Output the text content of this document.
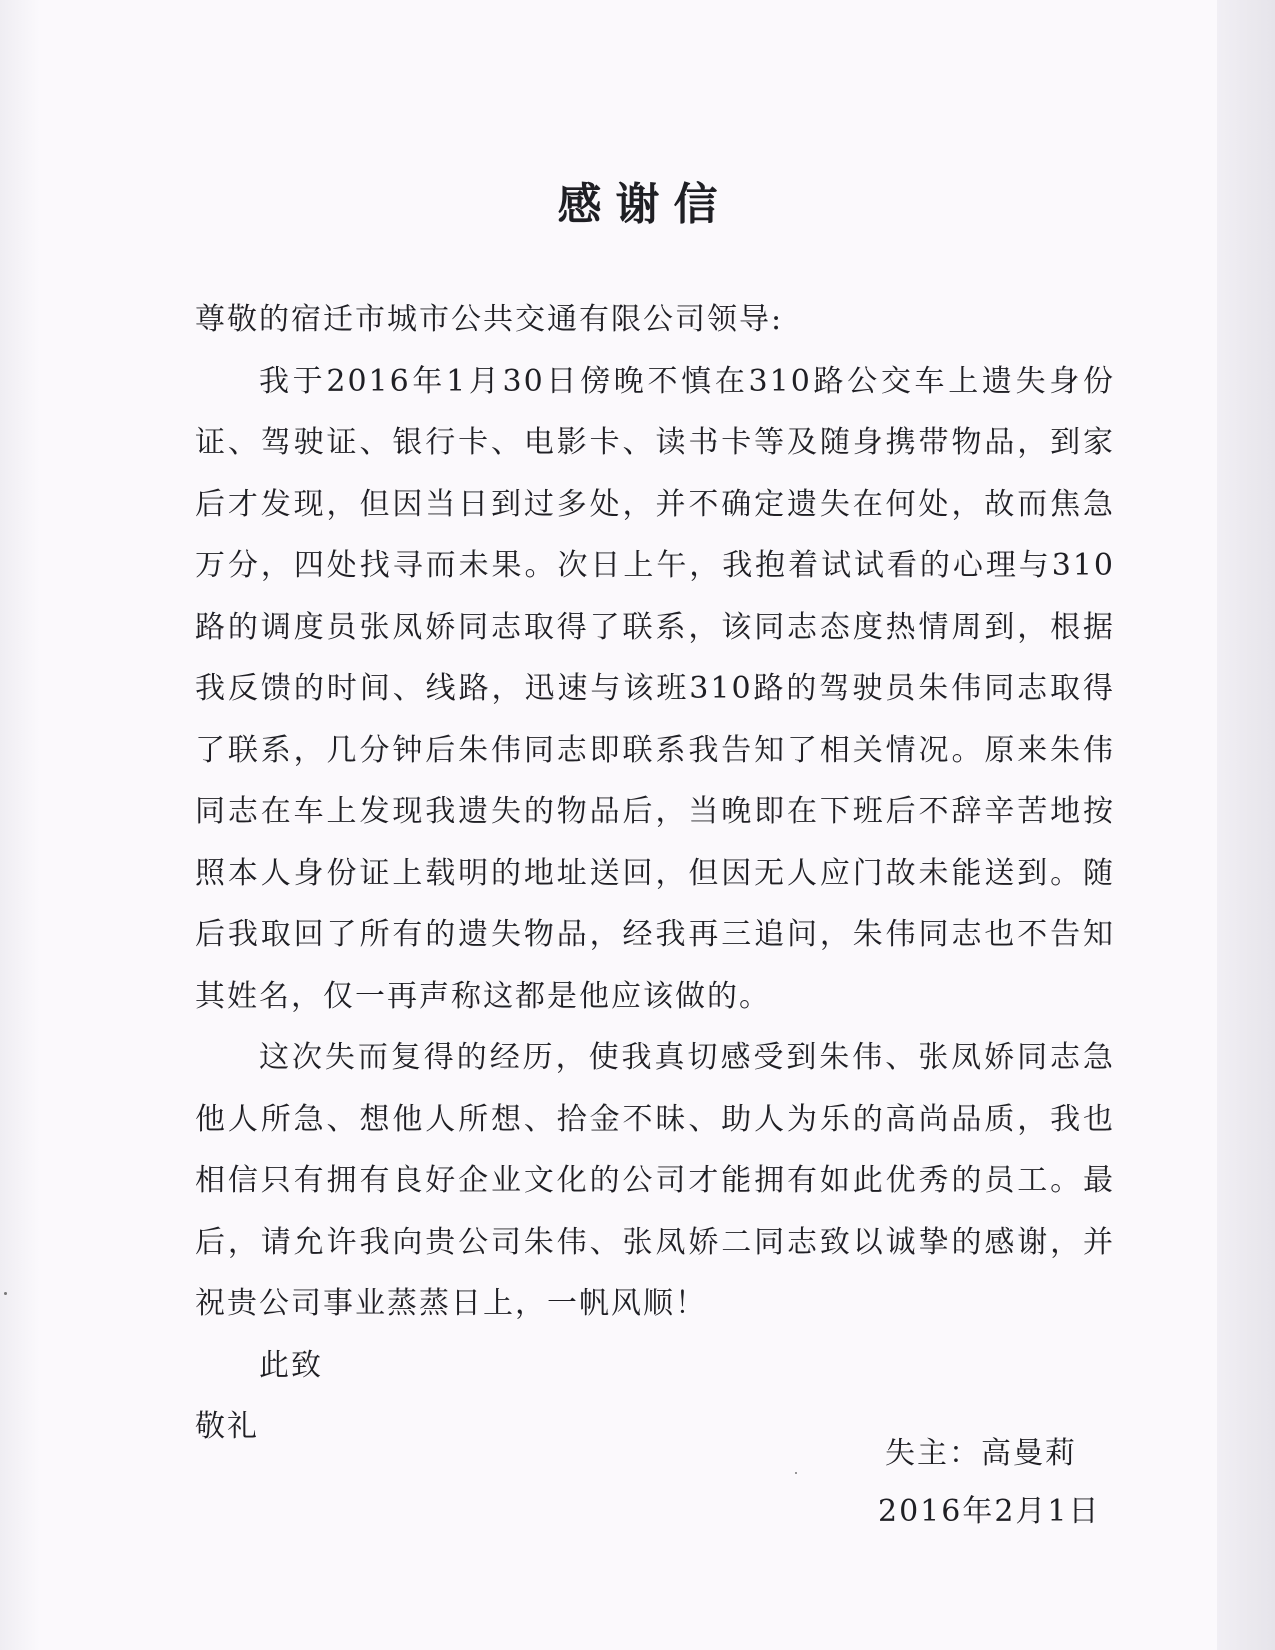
感谢信

尊敬的宿迁市城市公共交通有限公司领导:

我于2016年1月30日傍晚不慎在310路公交车上遗失身份证、驾驶证、银行卡、电影卡、读书卡等及随身携带物品，到家后才发现，但因当日到过多处，并不确定遗失在何处，故而焦急万分，四处找寻而未果。次日上午，我抱着试试看的心理与310路的调度员张凤娇同志取得了联系，该同志态度热情周到，根据我反馈的时间、线路，迅速与该班310路的驾驶员朱伟同志取得了联系，几分钟后朱伟同志即联系我告知了相关情况。原来朱伟同志在车上发现我遗失的物品后，当晚即在下班后不辞辛苦地按照本人身份证上载明的地址送回，但因无人应门故未能送到。随后我取回了所有的遗失物品，经我再三追问，朱伟同志也不告知其姓名，仅一再声称这都是他应该做的。

这次失而复得的经历，使我真切感受到朱伟、张凤娇同志急他人所急、想他人所想、拾金不昧、助人为乐的高尚品质，我也相信只有拥有良好企业文化的公司才能拥有如此优秀的员工。最后，请允许我向贵公司朱伟、张凤娇二同志致以诚挚的感谢，并祝贵公司事业蒸蒸日上，一帆风顺！

此致

敬礼

失主：高曼莉
2016年2月1日
